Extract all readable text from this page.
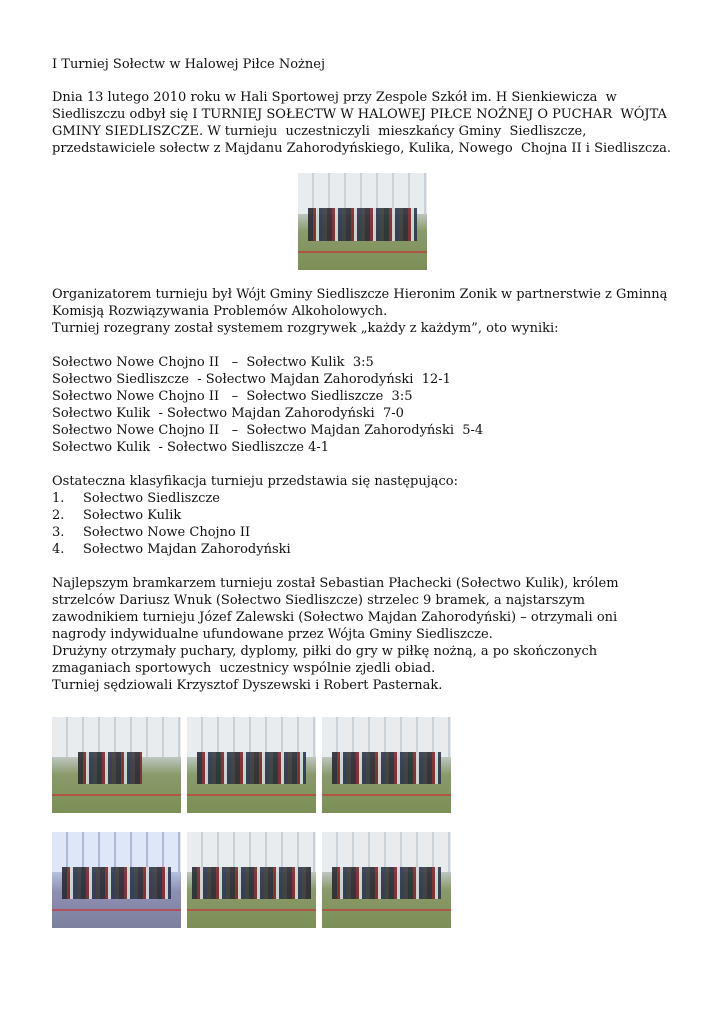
I Turniej Sołectw w Halowej Piłce Nożnej

Dnia 13 lutego 2010 roku w Hali Sportowej przy Zespole Szkół im. H Sienkiewicza  w Siedliszczu odbył się I TURNIEJ SOŁECTW W HALOWEJ PIŁCE NOŻNEJ O PUCHAR  WÓJTA GMINY SIEDLISZCZE. W turnieju  uczestniczyli  mieszkańcy Gminy  Siedliszcze, przedstawiciele sołectw z Majdanu Zahorodyńskiego, Kulika, Nowego  Chojna II i Siedliszcza.

Organizatorem turnieju był Wójt Gminy Siedliszcze Hieronim Zonik w partnerstwie z Gminną Komisją Rozwiązywania Problemów Alkoholowych.

Turniej rozegrany został systemem rozgrywek „każdy z każdym”, oto wyniki:

Sołectwo Nowe Chojno II   –  Sołectwo Kulik  3:5

Sołectwo Siedliszcze  - Sołectwo Majdan Zahorodyński  12-1

Sołectwo Nowe Chojno II   –  Sołectwo Siedliszcze  3:5

Sołectwo Kulik  - Sołectwo Majdan Zahorodyński  7-0

Sołectwo Nowe Chojno II   –  Sołectwo Majdan Zahorodyński  5-4

Sołectwo Kulik  - Sołectwo Siedliszcze 4-1

Ostateczna klasyfikacja turnieju przedstawia się następująco:

1.	Sołectwo Siedliszcze
2.	Sołectwo Kulik
3.	Sołectwo Nowe Chojno II
4.	Sołectwo Majdan Zahorodyński

Najlepszym bramkarzem turnieju został Sebastian Płachecki (Sołectwo Kulik), królem strzelców Dariusz Wnuk (Sołectwo Siedliszcze) strzelec 9 bramek, a najstarszym zawodnikiem turnieju Józef Zalewski (Sołectwo Majdan Zahorodyński) – otrzymali oni nagrody indywidualne ufundowane przez Wójta Gminy Siedliszcze.

Drużyny otrzymały puchary, dyplomy, piłki do gry w piłkę nożną, a po skończonych zmaganiach sportowych  uczestnicy wspólnie zjedli obiad.

Turniej sędziowali Krzysztof Dyszewski i Robert Pasternak.
